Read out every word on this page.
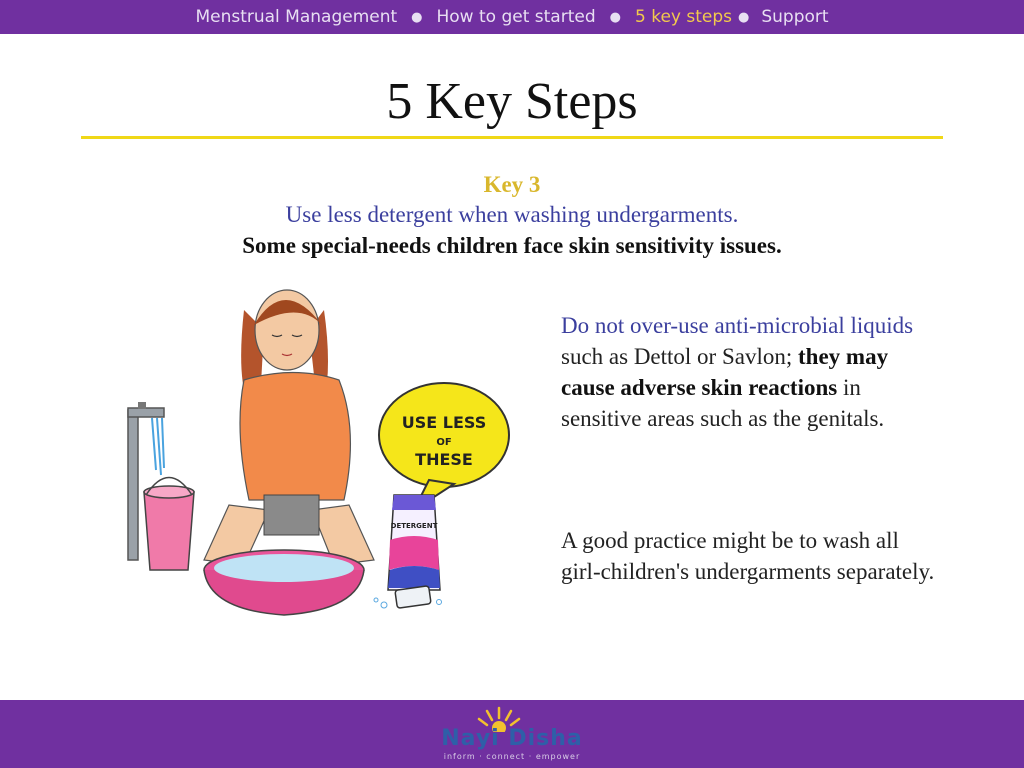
Menstrual Management ● How to get started ● 5 key steps ● Support
5 Key Steps
Key 3
Use less detergent when washing undergarments.
Some special-needs children face skin sensitivity issues.
USE LESS
OF
THESE
DETERGENT
Do not over-use anti-microbial liquids such as Dettol or Savlon; they may cause adverse skin reactions in sensitive areas such as the genitals.
A good practice might be to wash all girl-children's undergarments separately.
Nayi Disha
inform · connect · empower
